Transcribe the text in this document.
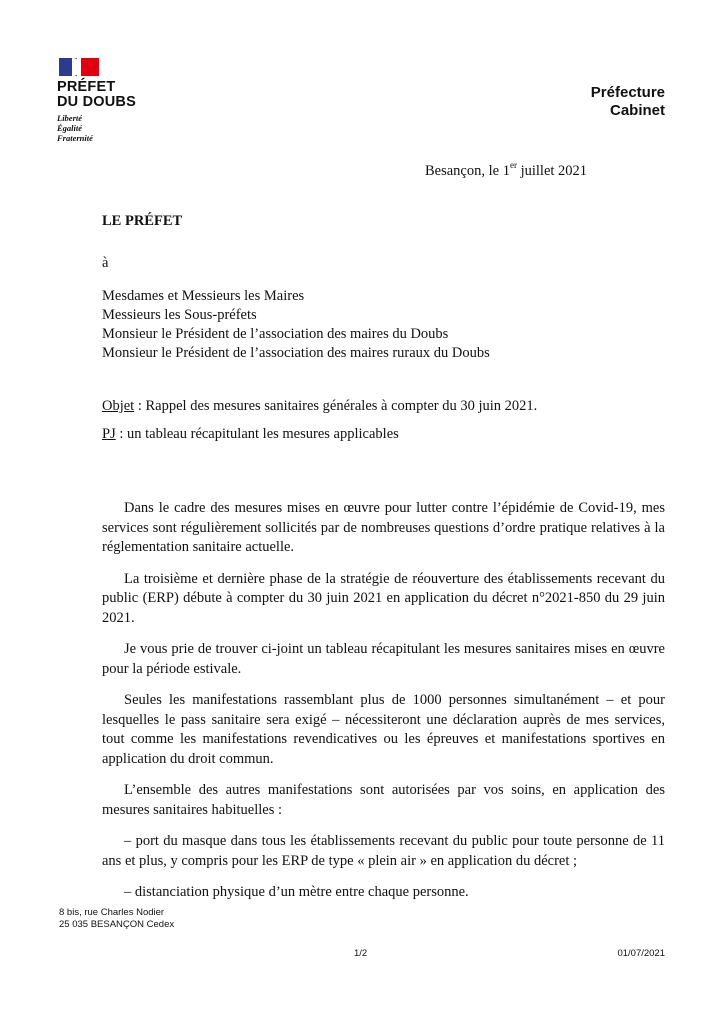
PRÉFET
DU DOUBS
Liberté
Égalité
Fraternité
Préfecture
Cabinet
Besançon, le 1er juillet 2021
LE PRÉFET
à
Mesdames et Messieurs les Maires
Messieurs les Sous-préfets
Monsieur le Président de l’association des maires du Doubs
Monsieur le Président de l’association des maires ruraux du Doubs
Objet : Rappel des mesures sanitaires générales à compter du 30 juin 2021.
PJ : un tableau récapitulant les mesures applicables

Dans le cadre des mesures mises en œuvre pour lutter contre l’épidémie de Covid-19, mes services sont régulièrement sollicités par de nombreuses questions d’ordre pratique relatives à la réglementation sanitaire actuelle.

La troisième et dernière phase de la stratégie de réouverture des établissements recevant du public (ERP) débute à compter du 30 juin 2021 en application du décret n°2021-850 du 29 juin 2021.

Je vous prie de trouver ci-joint un tableau récapitulant les mesures sanitaires mises en œuvre pour la période estivale.

Seules les manifestations rassemblant plus de 1000 personnes simultanément – et pour lesquelles le pass sanitaire sera exigé – nécessiteront une déclaration auprès de mes services, tout comme les manifestations revendicatives ou les épreuves et manifestations sportives en application du droit commun.

L’ensemble des autres manifestations sont autorisées par vos soins, en application des mesures sanitaires habituelles :

– port du masque dans tous les établissements recevant du public pour toute personne de 11 ans et plus, y compris pour les ERP de type « plein air » en application du décret ;

– distanciation physique d’un mètre entre chaque personne.

8 bis, rue Charles Nodier
25 035 BESANÇON Cedex
1/2	01/07/2021
